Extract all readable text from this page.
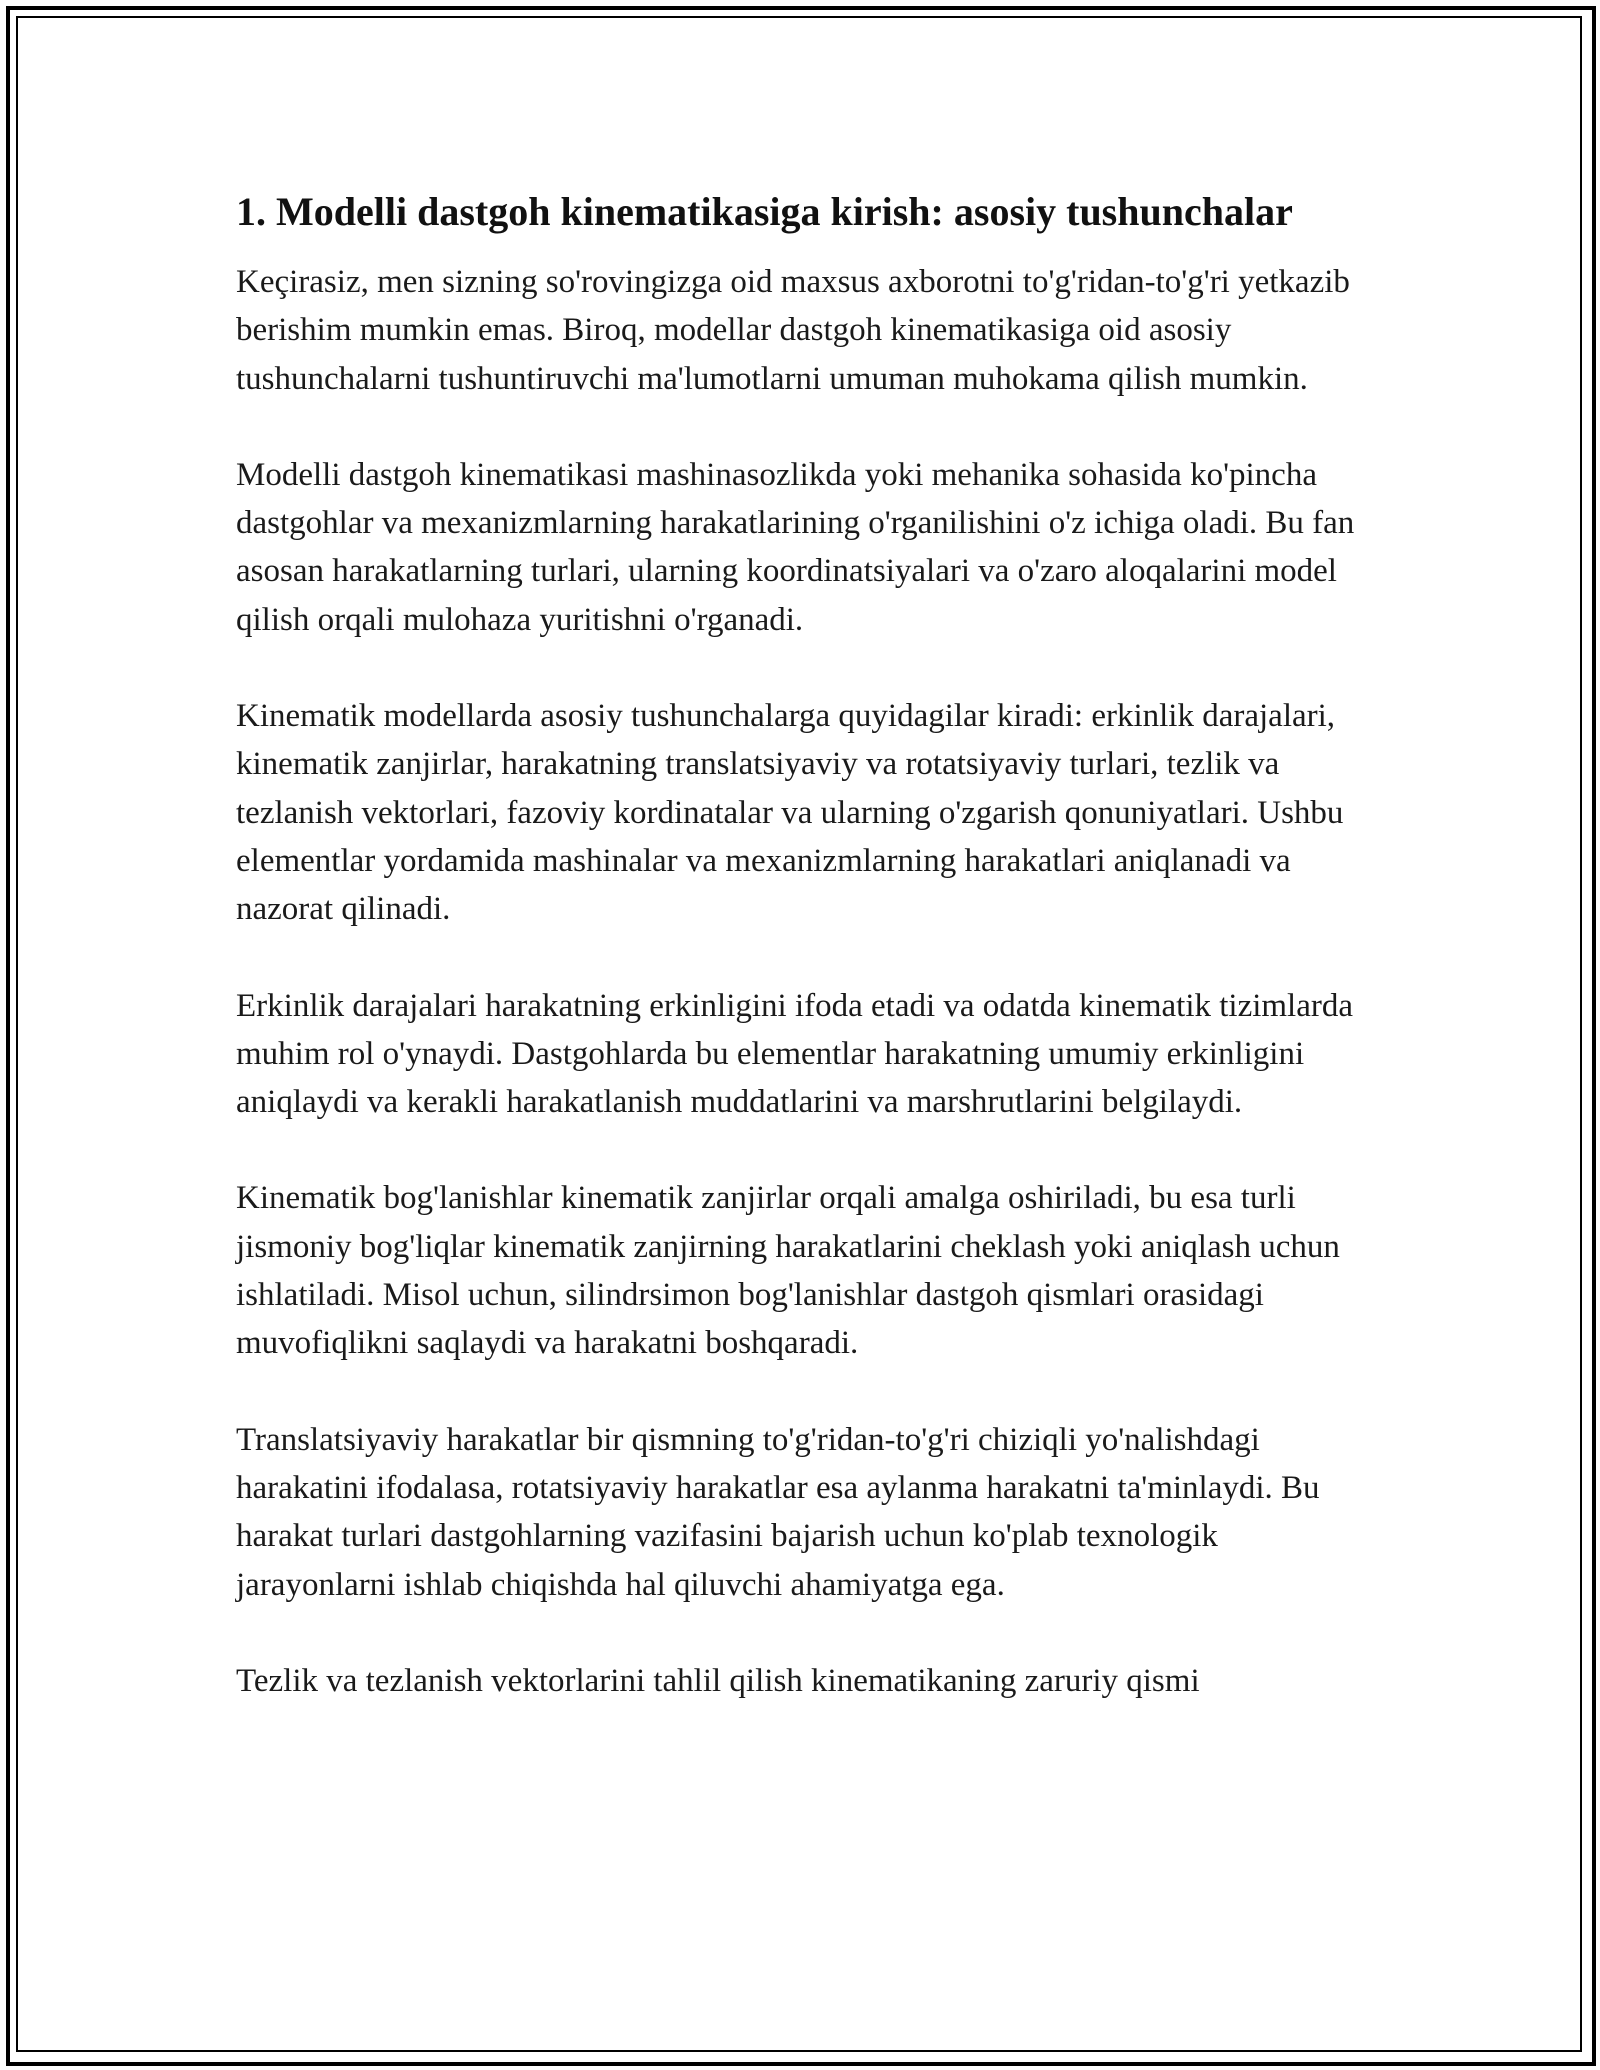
1. Modelli dastgoh kinematikasiga kirish: asosiy tushunchalar

Keçirasiz, men sizning so'rovingizga oid maxsus axborotni to'g'ridan-to'g'ri yetkazib berishim mumkin emas. Biroq, modellar dastgoh kinematikasiga oid asosiy tushunchalarni tushuntiruvchi ma'lumotlarni umuman muhokama qilish mumkin.

Modelli dastgoh kinematikasi mashinasozlikda yoki mehanika sohasida ko'pincha dastgohlar va mexanizmlarning harakatlarining o'rganilishini o'z ichiga oladi. Bu fan asosan harakatlarning turlari, ularning koordinatsiyalari va o'zaro aloqalarini model qilish orqali mulohaza yuritishni o'rganadi.

Kinematik modellarda asosiy tushunchalarga quyidagilar kiradi: erkinlik darajalari, kinematik zanjirlar, harakatning translatsiyaviy va rotatsiyaviy turlari, tezlik va tezlanish vektorlari, fazoviy kordinatalar va ularning o'zgarish qonuniyatlari. Ushbu elementlar yordamida mashinalar va mexanizmlarning harakatlari aniqlanadi va nazorat qilinadi.

Erkinlik darajalari harakatning erkinligini ifoda etadi va odatda kinematik tizimlarda muhim rol o'ynaydi. Dastgohlarda bu elementlar harakatning umumiy erkinligini aniqlaydi va kerakli harakatlanish muddatlarini va marshrutlarini belgilaydi.

Kinematik bog'lanishlar kinematik zanjirlar orqali amalga oshiriladi, bu esa turli jismoniy bog'liqlar kinematik zanjirning harakatlarini cheklash yoki aniqlash uchun ishlatiladi. Misol uchun, silindrsimon bog'lanishlar dastgoh qismlari orasidagi muvofiqlikni saqlaydi va harakatni boshqaradi.

Translatsiyaviy harakatlar bir qismning to'g'ridan-to'g'ri chiziqli yo'nalishdagi harakatini ifodalasa, rotatsiyaviy harakatlar esa aylanma harakatni ta'minlaydi. Bu harakat turlari dastgohlarning vazifasini bajarish uchun ko'plab texnologik jarayonlarni ishlab chiqishda hal qiluvchi ahamiyatga ega.

Tezlik va tezlanish vektorlarini tahlil qilish kinematikaning zaruriy qismi
